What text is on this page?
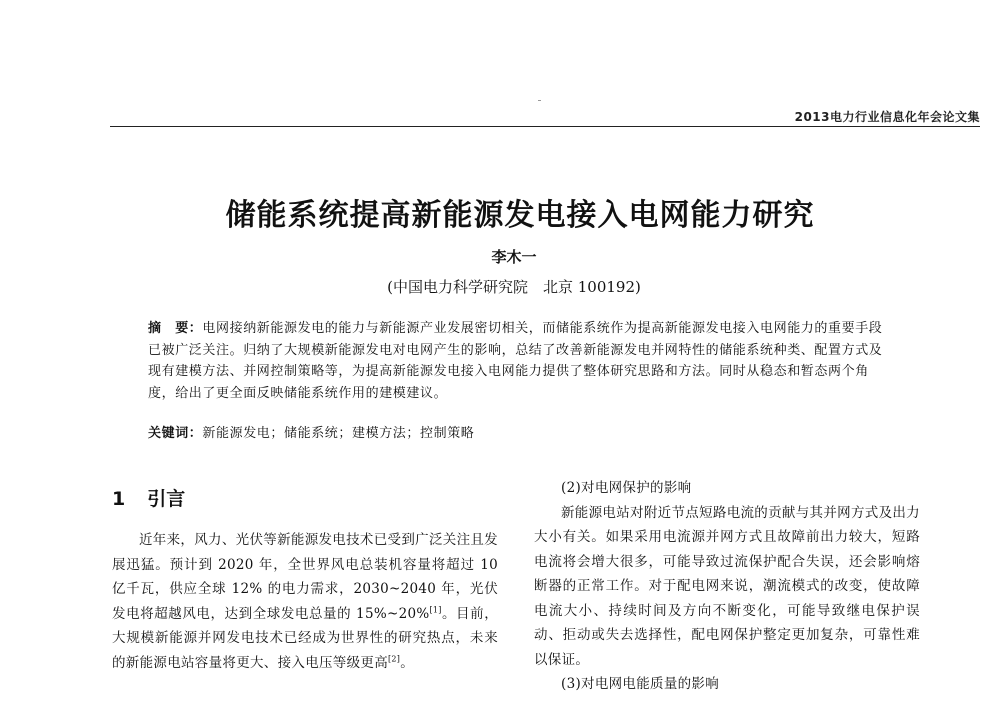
2013电力行业信息化年会论文集
储能系统提高新能源发电接入电网能力研究
李木一
(中国电力科学研究院　北京 100192)
摘　要：电网接纳新能源发电的能力与新能源产业发展密切相关，而储能系统作为提高新能源发电接入电网能力的重要手段已被广泛关注。归纳了大规模新能源发电对电网产生的影响，总结了改善新能源发电并网特性的储能系统种类、配置方式及现有建模方法、并网控制策略等，为提高新能源发电接入电网能力提供了整体研究思路和方法。同时从稳态和暂态两个角度，给出了更全面反映储能系统作用的建模建议。
关键词：新能源发电；储能系统；建模方法；控制策略
1 引言

近年来，风力、光伏等新能源发电技术已受到广泛关注且发展迅猛。预计到 2020 年，全世界风电总装机容量将超过 10 亿千瓦，供应全球 12% 的电力需求，2030~2040 年，光伏发电将超越风电，达到全球发电总量的 15%~20%[1]。目前，大规模新能源并网发电技术已经成为世界性的研究热点，未来的新能源电站容量将更大、接入电压等级更高[2]。

(2)对电网保护的影响

新能源电站对附近节点短路电流的贡献与其并网方式及出力大小有关。如果采用电流源并网方式且故障前出力较大，短路电流将会增大很多，可能导致过流保护配合失误，还会影响熔断器的正常工作。对于配电网来说，潮流模式的改变，使故障电流大小、持续时间及方向不断变化，可能导致继电保护误动、拒动或失去选择性，配电网保护整定更加复杂，可靠性难以保证。

(3)对电网电能质量的影响
